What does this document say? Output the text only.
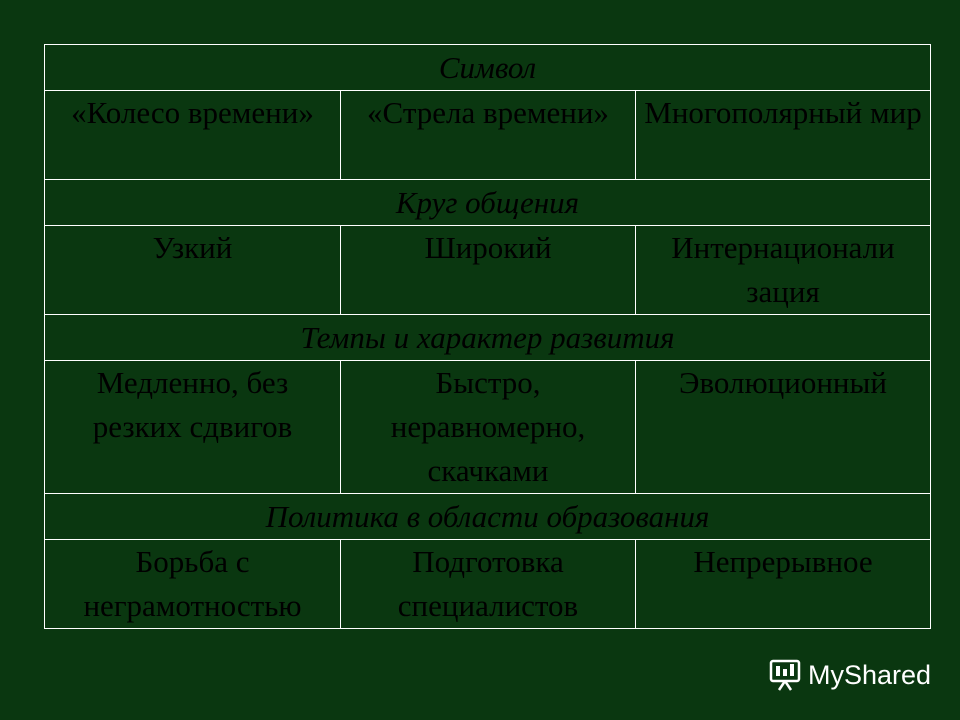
Символ		
«Колесо времени»	«Стрела времени»	Многополярный мир
Круг общения		
Узкий	Широкий	Интернационали зация
Темпы и характер развития		
Медленно, без резких сдвигов	Быстро, неравномерно, скачками	Эволюционный
Политика в области образования		
Борьба с неграмотностью	Подготовка специалистов	Непрерывное
MyShared
